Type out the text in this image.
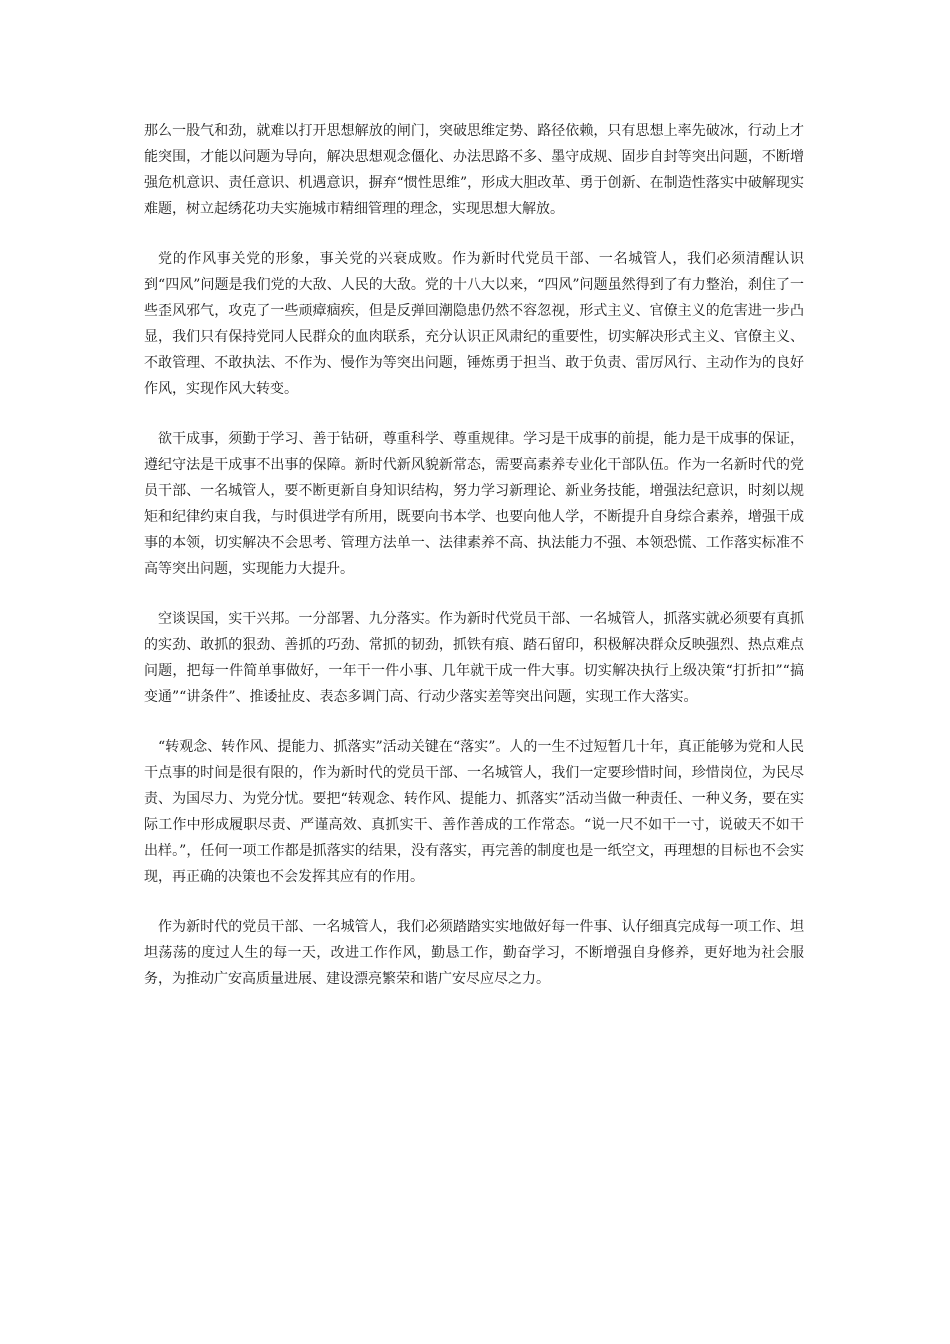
那么一股气和劲，就难以打开思想解放的闸门，突破思维定势、路径依赖，只有思想上率先破冰，行动上才能突围，才能以问题为导向，解决思想观念僵化、办法思路不多、墨守成规、固步自封等突出问题，不断增强危机意识、责任意识、机遇意识，摒弃“惯性思维”，形成大胆改革、勇于创新、在制造性落实中破解现实难题，树立起绣花功夫实施城市精细管理的理念，实现思想大解放。

党的作风事关党的形象，事关党的兴衰成败。作为新时代党员干部、一名城管人，我们必须清醒认识到“四风”问题是我们党的大敌、人民的大敌。党的十八大以来，“四风”问题虽然得到了有力整治，刹住了一些歪风邪气，攻克了一些顽瘴痼疾，但是反弹回潮隐患仍然不容忽视，形式主义、官僚主义的危害进一步凸显，我们只有保持党同人民群众的血肉联系，充分认识正风肃纪的重要性，切实解决形式主义、官僚主义、不敢管理、不敢执法、不作为、慢作为等突出问题，锤炼勇于担当、敢于负责、雷厉风行、主动作为的良好作风，实现作风大转变。

欲干成事，须勤于学习、善于钻研，尊重科学、尊重规律。学习是干成事的前提，能力是干成事的保证，遵纪守法是干成事不出事的保障。新时代新风貌新常态，需要高素养专业化干部队伍。作为一名新时代的党员干部、一名城管人，要不断更新自身知识结构，努力学习新理论、新业务技能，增强法纪意识，时刻以规矩和纪律约束自我，与时俱进学有所用，既要向书本学、也要向他人学，不断提升自身综合素养，增强干成事的本领，切实解决不会思考、管理方法单一、法律素养不高、执法能力不强、本领恐慌、工作落实标准不高等突出问题，实现能力大提升。

空谈误国，实干兴邦。一分部署、九分落实。作为新时代党员干部、一名城管人，抓落实就必须要有真抓的实劲、敢抓的狠劲、善抓的巧劲、常抓的韧劲，抓铁有痕、踏石留印，积极解决群众反映强烈、热点难点问题，把每一件简单事做好，一年干一件小事、几年就干成一件大事。切实解决执行上级决策“打折扣”“搞变通”“讲条件”、推诿扯皮、表态多调门高、行动少落实差等突出问题，实现工作大落实。

“转观念、转作风、提能力、抓落实”活动关键在“落实”。人的一生不过短暂几十年，真正能够为党和人民干点事的时间是很有限的，作为新时代的党员干部、一名城管人，我们一定要珍惜时间，珍惜岗位，为民尽责、为国尽力、为党分忧。要把“转观念、转作风、提能力、抓落实”活动当做一种责任、一种义务，要在实际工作中形成履职尽责、严谨高效、真抓实干、善作善成的工作常态。“说一尺不如干一寸，说破天不如干出样。”，任何一项工作都是抓落实的结果，没有落实，再完善的制度也是一纸空文，再理想的目标也不会实现，再正确的决策也不会发挥其应有的作用。

作为新时代的党员干部、一名城管人，我们必须踏踏实实地做好每一件事、认仔细真完成每一项工作、坦坦荡荡的度过人生的每一天，改进工作作风，勤恳工作，勤奋学习，不断增强自身修养，更好地为社会服务，为推动广安高质量进展、建设漂亮繁荣和谐广安尽应尽之力。
